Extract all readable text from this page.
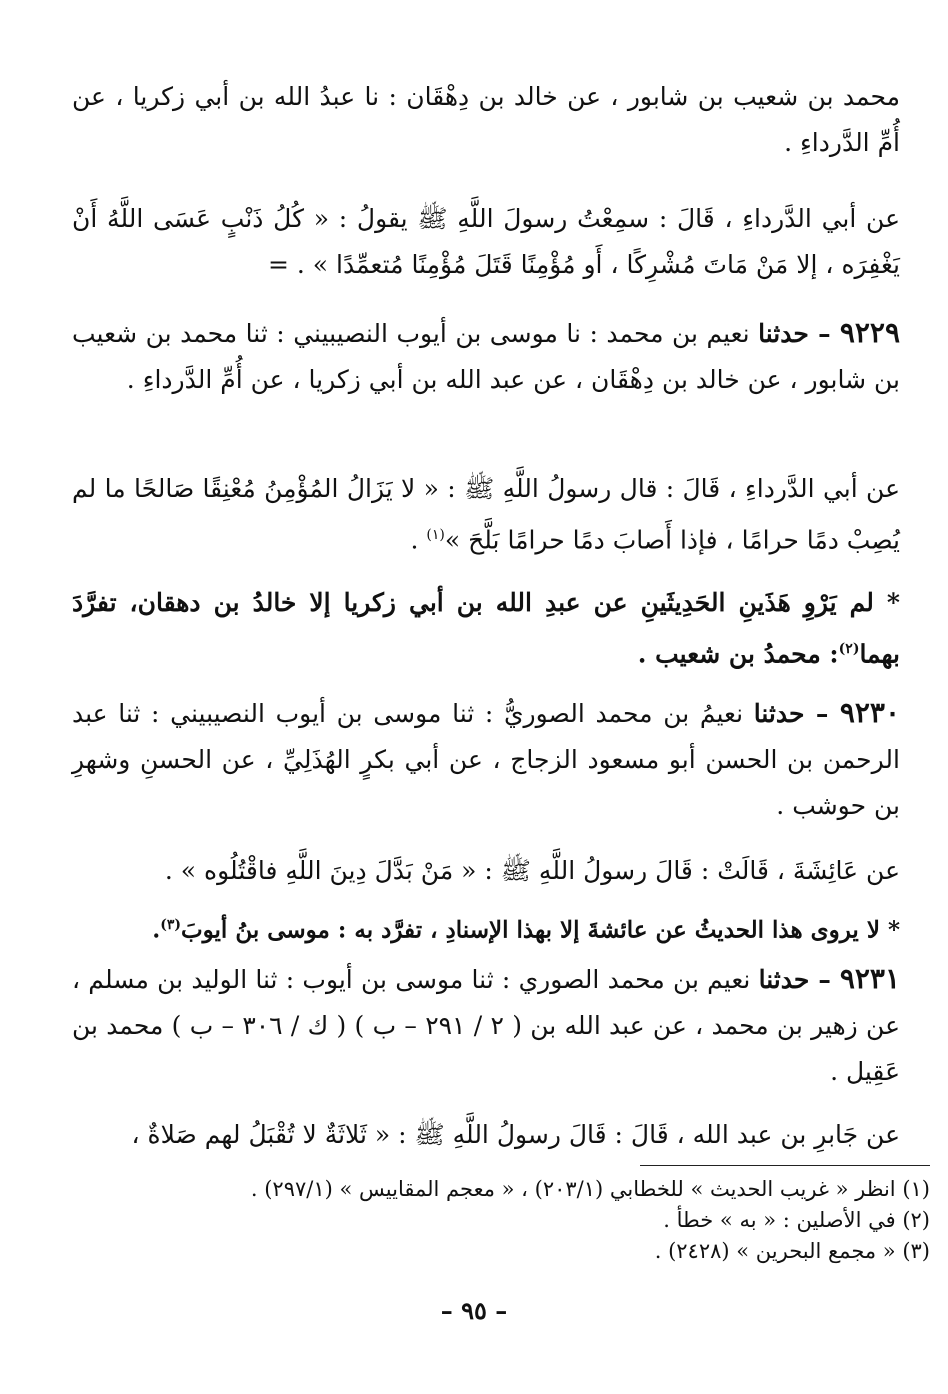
محمد بن شعيب بن شابور ، عن خالد بن دِهْقَان : نا عبدُ الله بن أبي زكريا ، عن أُمِّ الدَّرداءِ .

عن أبي الدَّرداءِ ، قَالَ : سمِعْتُ رسولَ اللَّهِ ﷺ يقولُ : « كُلُ ذَنْبٍ عَسَى اللَّهُ أَنْ يَغْفِرَه ، إلا مَنْ مَاتَ مُشْرِكًا ، أَو مُؤْمِنًا قَتَلَ مُؤْمِنًا مُتعمِّدًا » . =

٩٢٢٩ – حدثنا نعيم بن محمد : نا موسى بن أيوب النصيبيني : ثنا محمد بن شعيب بن شابور ، عن خالد بن دِهْقَان ، عن عبد الله بن أبي زكريا ، عن أُمِّ الدَّرداءِ .

عن أبي الدَّرداءِ ، قَالَ : قال رسولُ اللَّهِ ﷺ : « لا يَزَالُ المُؤْمِنُ مُعْنِقًا صَالحًا ما لم يُصِبْ دمًا حرامًا ، فإذا أَصابَ دمًا حرامًا بَلَّحَ »$^{(١)}$ .

* لم يَرْوِ هَذَينِ الحَدِيثَينِ عن عبدِ الله بن أبي زكريا إلا خالدُ بن دهقان، تفرَّدَ بهما$^{(٢)}$: محمدُ بن شعيب .

٩٢٣٠ – حدثنا نعيمُ بن محمد الصوريُّ : ثنا موسى بن أيوب النصيبيني : ثنا عبد الرحمن بن الحسن أبو مسعود الزجاج ، عن أبي بكرٍ الهُذَلِيِّ ، عن الحسنِ وشهرِ بن حوشب .

عن عَائِشَةَ ، قَالَتْ : قَالَ رسولُ اللَّهِ ﷺ : « مَنْ بَدَّلَ دِينَ اللَّهِ فاقْتُلُوه » .

* لا يروى هذا الحديثُ عن عائشةَ إلا بهذا الإسنادِ ، تفرَّد به : موسى بنُ أيوبَ$^{(٣)}$.

٩٢٣١ – حدثنا نعيم بن محمد الصوري : ثنا موسى بن أيوب : ثنا الوليد بن مسلم ، عن زهير بن محمد ، عن عبد الله بن ( ٢ / ٢٩١ – ب ) ( ك / ٣٠٦ – ب ) محمد بن عَقِيل .

عن جَابرِ بن عبد الله ، قَالَ : قَالَ رسولُ اللَّهِ ﷺ : « ثَلاثَةٌ لا تُقْبَلُ لهم صَلاةٌ ،

(١) انظر « غريب الحديث » للخطابي (٢٠٣/١) ، « معجم المقاييس » (٢٩٧/١) .

(٢) في الأصلين : « به » خطأ .

(٣) « مجمع البحرين » (٢٤٢٨) .

– ٩٥ –
